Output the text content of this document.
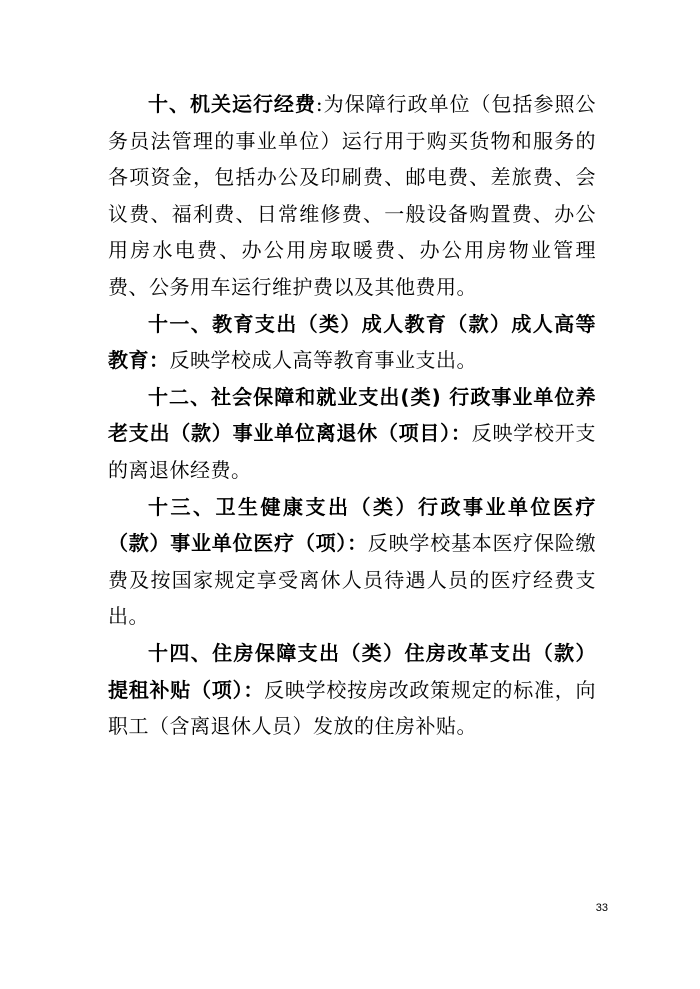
十、机关运行经费:为保障行政单位（包括参照公务员法管理的事业单位）运行用于购买货物和服务的各项资金，包括办公及印刷费、邮电费、差旅费、会议费、福利费、日常维修费、一般设备购置费、办公用房水电费、办公用房取暖费、办公用房物业管理费、公务用车运行维护费以及其他费用。

十一、教育支出（类）成人教育（款）成人高等教育：反映学校成人高等教育事业支出。

十二、社会保障和就业支出(类) 行政事业单位养老支出（款）事业单位离退休（项目）：反映学校开支的离退休经费。

十三、卫生健康支出（类）行政事业单位医疗（款）事业单位医疗（项）：反映学校基本医疗保险缴费及按国家规定享受离休人员待遇人员的医疗经费支出。

十四、住房保障支出（类）住房改革支出（款）提租补贴（项）：反映学校按房改政策规定的标准，向职工（含离退休人员）发放的住房补贴。

33
